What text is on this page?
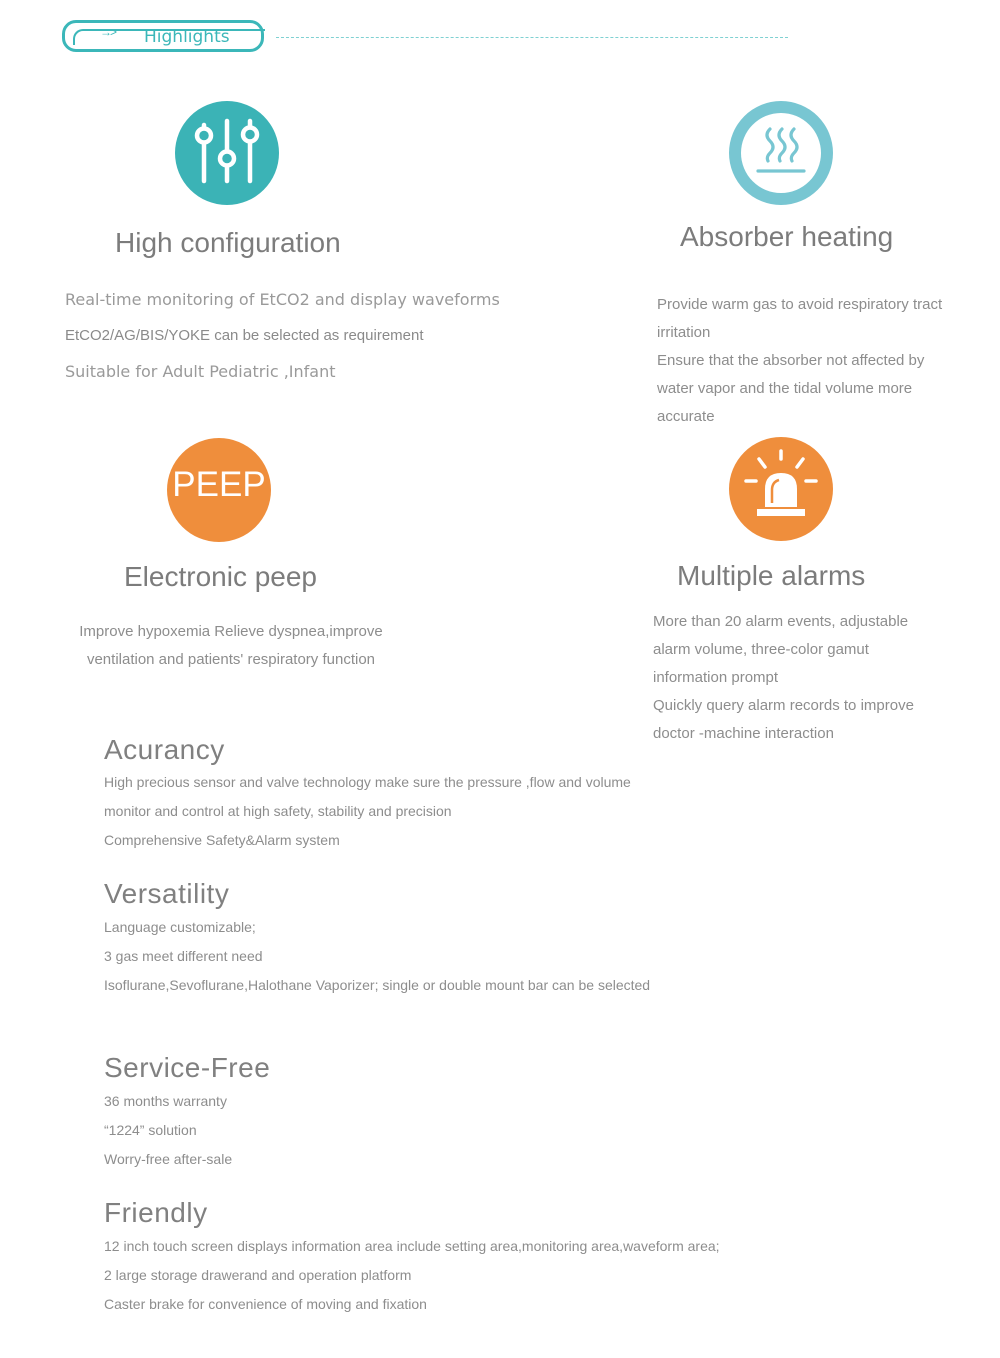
→> Highlights
High configuration

Real-time monitoring of EtCO2 and display waveforms

EtCO2/AG/BIS/YOKE can be selected as requirement

Suitable for Adult Pediatric ,Infant

Absorber heating

Provide warm gas to avoid respiratory tract

irritation

Ensure that the absorber not affected by

water vapor and the tidal volume more

accurate

PEEP
Electronic peep

Improve hypoxemia Relieve dyspnea,improve

ventilation and patients' respiratory function

Multiple alarms

More than 20 alarm events, adjustable

alarm volume, three-color gamut

information prompt

Quickly query alarm records to improve

doctor -machine interaction

Acurancy

High precious sensor and valve technology make sure the pressure ,flow and volume

monitor and control at high safety, stability and precision

Comprehensive Safety&Alarm system

Versatility

Language customizable;

3 gas meet different need

Isoflurane,Sevoflurane,Halothane Vaporizer; single or double mount bar can be selected

Service-Free

36 months warranty

“1224” solution

Worry-free after-sale

Friendly

12 inch touch screen displays information area include setting area,monitoring area,waveform area;

2 large storage drawerand and operation platform

Caster brake for convenience of moving and fixation
